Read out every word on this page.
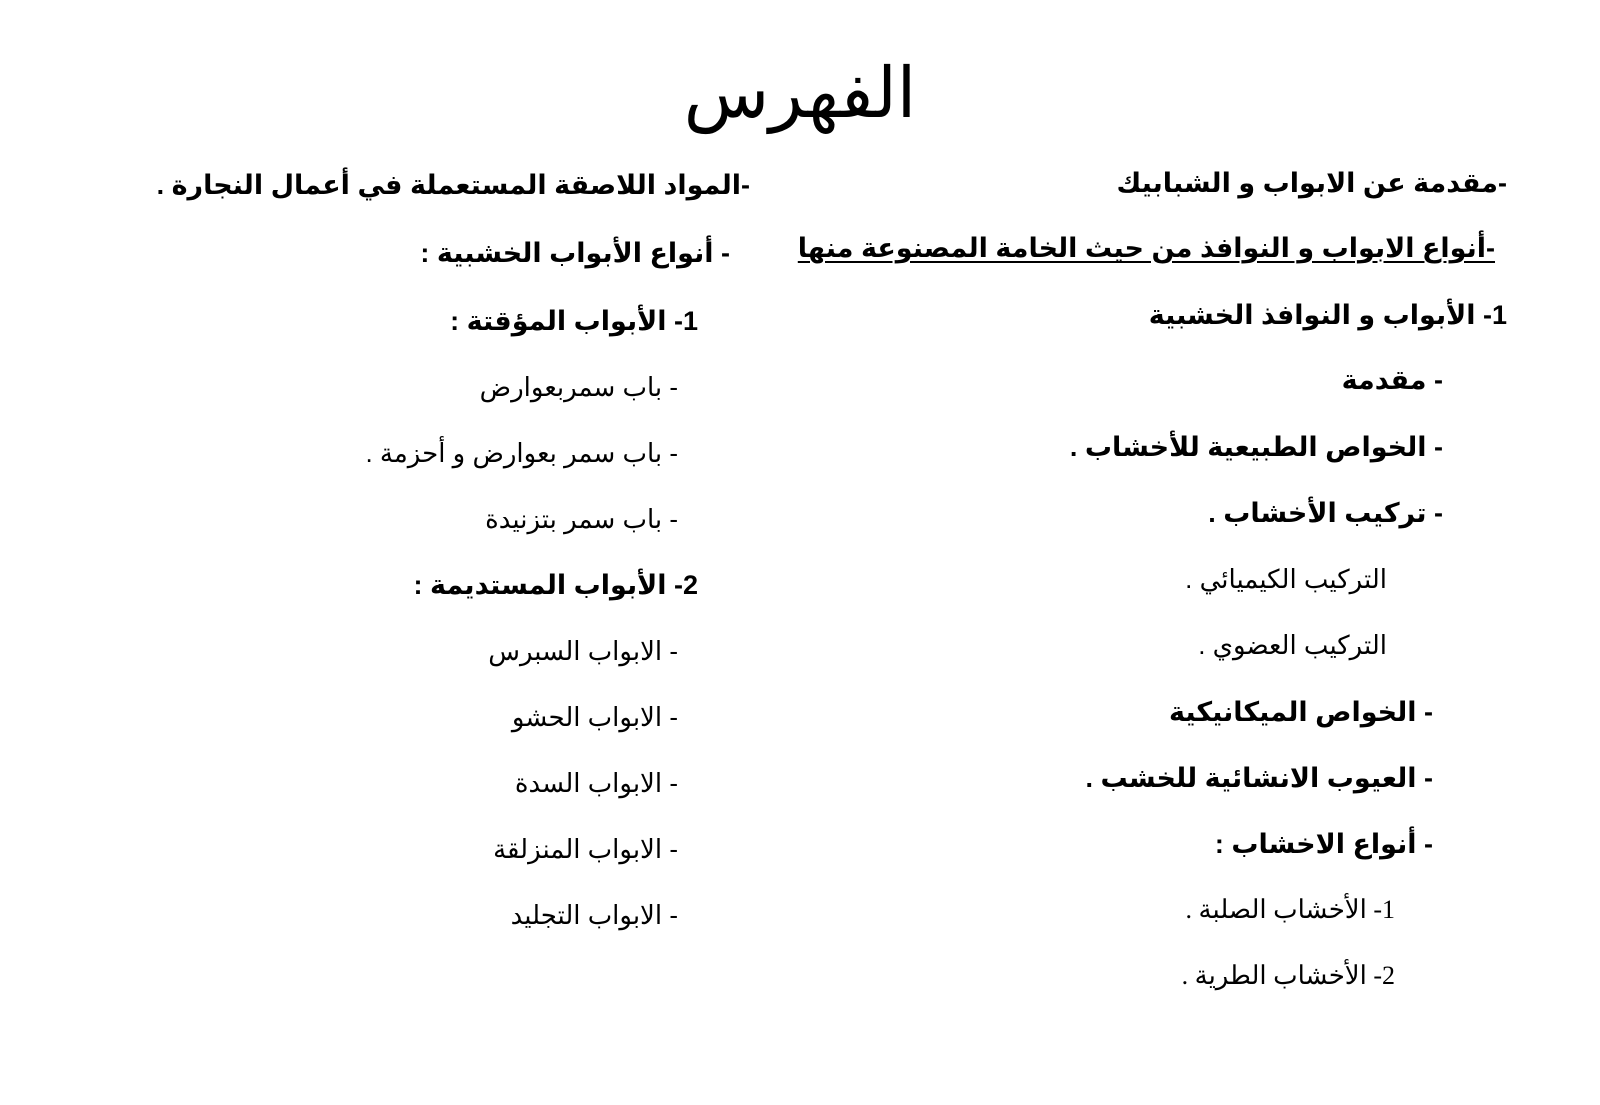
الفهرس
-مقدمة عن الابواب و الشبابيك
-أنواع الابواب و النوافذ من حيث الخامة المصنوعة منها
1- الأبواب و النوافذ الخشبية
- مقدمة
- الخواص الطبيعية للأخشاب .
- تركيب الأخشاب .
التركيب الكيميائي .
التركيب العضوي .
- الخواص الميكانيكية
- العيوب الانشائية للخشب .
- أنواع الاخشاب :
1- الأخشاب الصلبة .
2- الأخشاب الطرية .
-المواد اللاصقة المستعملة في أعمال النجارة .
- أنواع الأبواب الخشبية :
1- الأبواب المؤقتة :
- باب سمربعوارض
- باب سمر بعوارض و أحزمة .
- باب سمر بتزنيدة
2- الأبواب المستديمة :
- الابواب السبرس
- الابواب الحشو
- الابواب السدة
- الابواب المنزلقة
- الابواب التجليد
